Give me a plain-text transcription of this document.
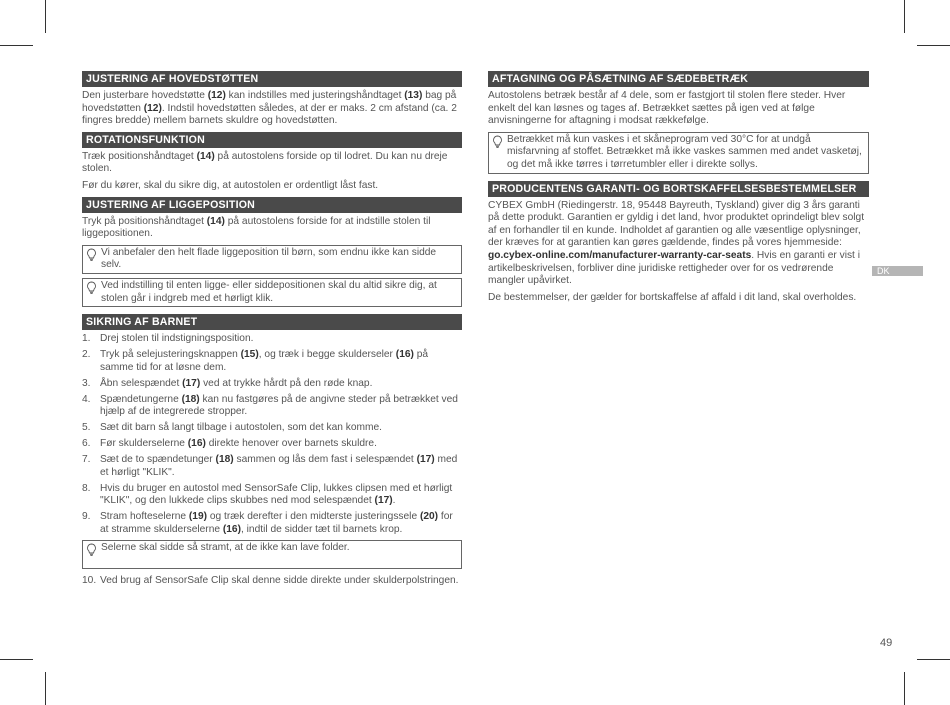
JUSTERING AF HOVEDSTØTTEN
Den justerbare hovedstøtte (12) kan indstilles med justeringshåndtaget (13) bag på hovedstøtten (12). Indstil hovedstøtten således, at der er maks. 2 cm afstand (ca. 2 fingres bredde) mellem barnets skuldre og hovedstøtten.
ROTATIONSFUNKTION
Træk positionshåndtaget (14) på autostolens forside op til lodret. Du kan nu dreje stolen.
Før du kører, skal du sikre dig, at autostolen er ordentligt låst fast.
JUSTERING AF LIGGEPOSITION
Tryk på positionshåndtaget (14) på autostolens forside for at indstille stolen til liggepositionen.
Vi anbefaler den helt flade liggeposition til børn, som endnu ikke kan sidde selv.
Ved indstilling til enten ligge- eller siddepositionen skal du altid sikre dig, at stolen går i indgreb med et hørligt klik.
SIKRING AF BARNET
1. Drej stolen til indstigningsposition.
2. Tryk på selejusteringsknappen (15), og træk i begge skulderseler (16) på samme tid for at løsne dem.
3. Åbn selespændet (17) ved at trykke hårdt på den røde knap.
4. Spændetungerne (18) kan nu fastgøres på de angivne steder på betrækket ved hjælp af de integrerede stropper.
5. Sæt dit barn så langt tilbage i autostolen, som det kan komme.
6. Før skulderselerne (16) direkte henover over barnets skuldre.
7. Sæt de to spændetunger (18) sammen og lås dem fast i selespændet (17) med et hørligt "KLIK".
8. Hvis du bruger en autostol med SensorSafe Clip, lukkes clipsen med et hørligt "KLIK", og den lukkede clips skubbes ned mod selespændet (17).
9. Stram hofteselerne (19) og træk derefter i den midterste justeringssele (20) for at stramme skulderselerne (16), indtil de sidder tæt til barnets krop.
Selerne skal sidde så stramt, at de ikke kan lave folder.
10. Ved brug af SensorSafe Clip skal denne sidde direkte under skulderpolstringen.
AFTAGNING OG PÅSÆTNING AF SÆDEBETRÆK
Autostolens betræk består af 4 dele, som er fastgjort til stolen flere steder. Hver enkelt del kan løsnes og tages af. Betrækket sættes på igen ved at følge anvisningerne for aftagning i modsat rækkefølge.
Betrækket må kun vaskes i et skåneprogram ved 30°C for at undgå misfarvning af stoffet. Betrækket må ikke vaskes sammen med andet vasketøj, og det må ikke tørres i tørretumbler eller i direkte sollys.
PRODUCENTENS GARANTI- OG BORTSKAFFELSESBESTEMMELSER
CYBEX GmbH (Riedingerstr. 18, 95448 Bayreuth, Tyskland) giver dig 3 års garanti på dette produkt. Garantien er gyldig i det land, hvor produktet oprindeligt blev solgt af en forhandler til en kunde. Indholdet af garantien og alle væsentlige oplysninger, der kræves for at garantien kan gøres gældende, findes på vores hjemmeside:
go.cybex-online.com/manufacturer-warranty-car-seats. Hvis en garanti er vist i artikelbeskrivelsen, forbliver dine juridiske rettigheder over for os vedrørende mangler upåvirket.
De bestemmelser, der gælder for bortskaffelse af affald i dit land, skal overholdes.
DK
49
